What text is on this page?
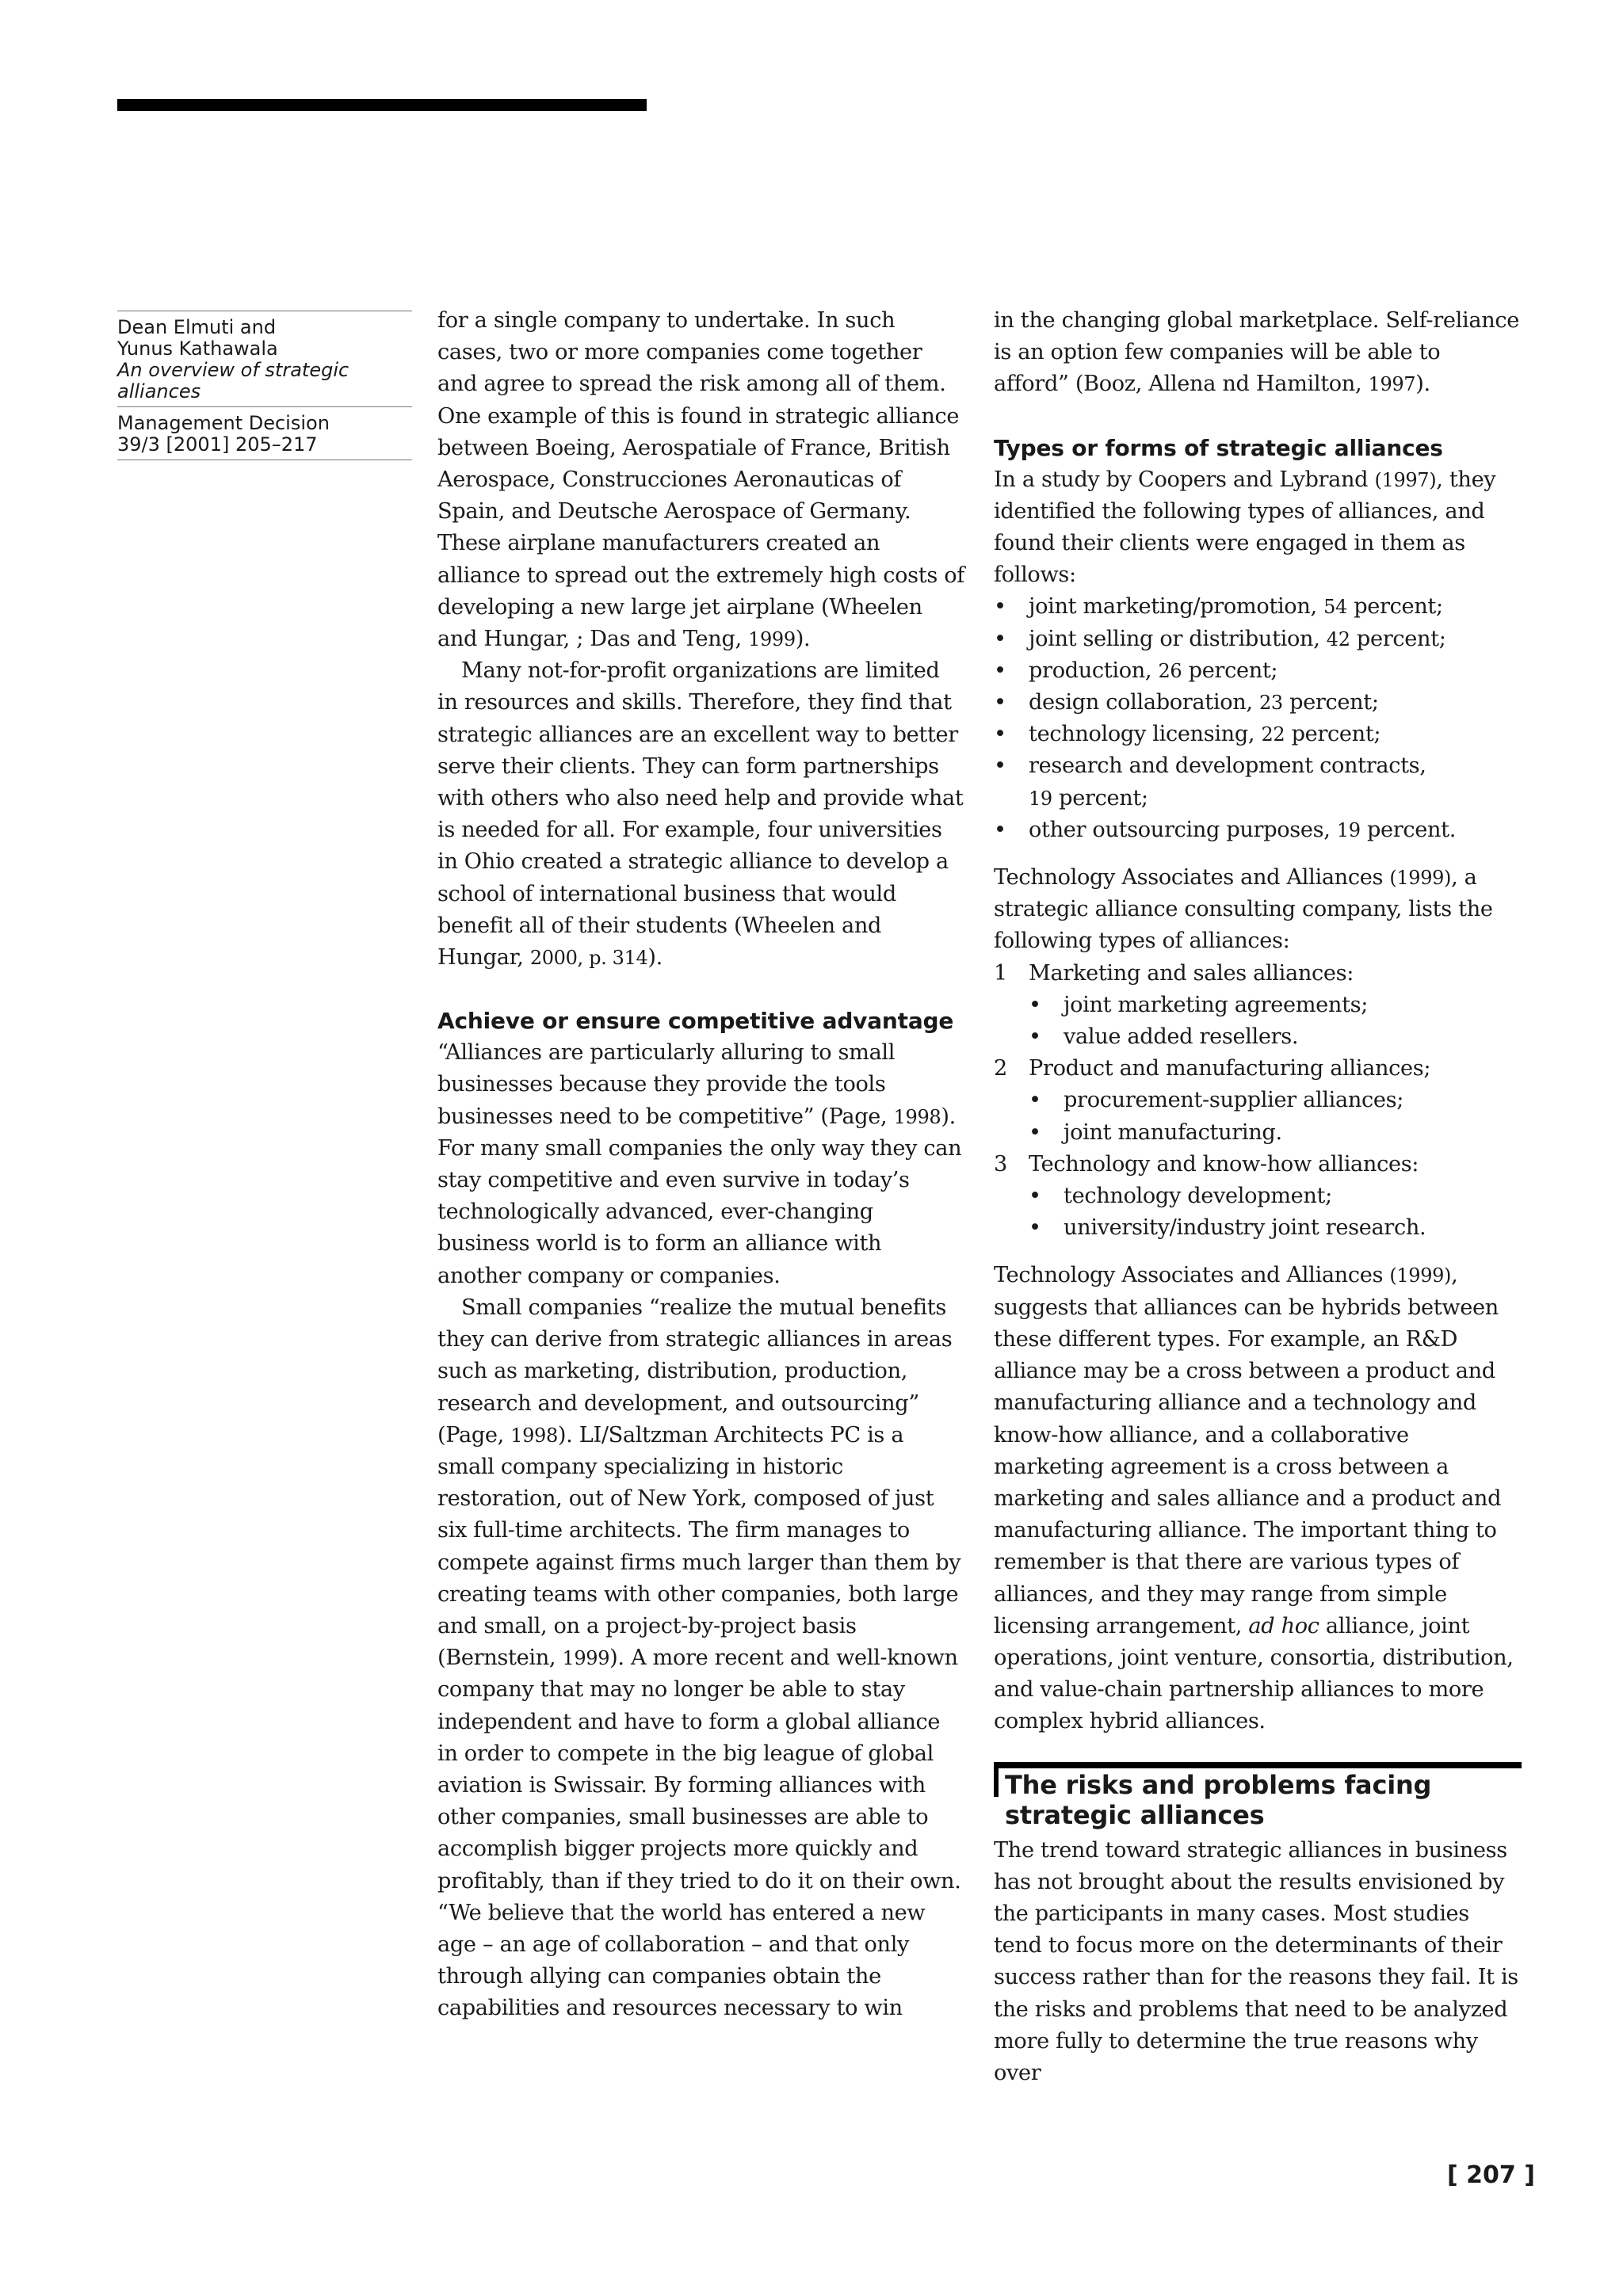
Dean Elmuti and
Yunus Kathawala
An overview of strategic alliances
Management Decision
39/3 [2001] 205–217

for a single company to undertake. In such cases, two or more companies come together and agree to spread the risk among all of them. One example of this is found in strategic alliance between Boeing, Aerospatiale of France, British Aerospace, Construcciones Aeronauticas of Spain, and Deutsche Aerospace of Germany. These airplane manufacturers created an alliance to spread out the extremely high costs of developing a new large jet airplane (Wheelen and Hungar, ; Das and Teng, 1999).

Many not-for-profit organizations are limited in resources and skills. Therefore, they find that strategic alliances are an excellent way to better serve their clients. They can form partnerships with others who also need help and provide what is needed for all. For example, four universities in Ohio created a strategic alliance to develop a school of international business that would benefit all of their students (Wheelen and Hungar, 2000, p. 314).

Achieve or ensure competitive advantage

“Alliances are particularly alluring to small businesses because they provide the tools businesses need to be competitive” (Page, 1998). For many small companies the only way they can stay competitive and even survive in today’s technologically advanced, ever-changing business world is to form an alliance with another company or companies.

Small companies “realize the mutual benefits they can derive from strategic alliances in areas such as marketing, distribution, production, research and development, and outsourcing” (Page, 1998). LI/Saltzman Architects PC is a small company specializing in historic restoration, out of New York, composed of just six full-time architects. The firm manages to compete against firms much larger than them by creating teams with other companies, both large and small, on a project-by-project basis (Bernstein, 1999). A more recent and well-known company that may no longer be able to stay independent and have to form a global alliance in order to compete in the big league of global aviation is Swissair. By forming alliances with other companies, small businesses are able to accomplish bigger projects more quickly and profitably, than if they tried to do it on their own. “We believe that the world has entered a new age – an age of collaboration – and that only through allying can companies obtain the capabilities and resources necessary to win

in the changing global marketplace. Self-reliance is an option few companies will be able to afford” (Booz, Allena nd Hamilton, 1997).

Types or forms of strategic alliances

In a study by Coopers and Lybrand (1997), they identified the following types of alliances, and found their clients were engaged in them as follows:

• joint marketing/promotion, 54 percent;
• joint selling or distribution, 42 percent;
• production, 26 percent;
• design collaboration, 23 percent;
• technology licensing, 22 percent;
• research and development contracts,
19 percent;
• other outsourcing purposes, 19 percent.

Technology Associates and Alliances (1999), a strategic alliance consulting company, lists the following types of alliances:

1 Marketing and sales alliances:
• joint marketing agreements;
• value added resellers.
2 Product and manufacturing alliances;
• procurement-supplier alliances;
• joint manufacturing.
3 Technology and know-how alliances:
• technology development;
• university/industry joint research.

Technology Associates and Alliances (1999), suggests that alliances can be hybrids between these different types. For example, an R&D alliance may be a cross between a product and manufacturing alliance and a technology and know-how alliance, and a collaborative marketing agreement is a cross between a marketing and sales alliance and a product and manufacturing alliance. The important thing to remember is that there are various types of alliances, and they may range from simple licensing arrangement, ad hoc alliance, joint operations, joint venture, consortia, distribution, and value-chain partnership alliances to more complex hybrid alliances.

The risks and problems facing strategic alliances

The trend toward strategic alliances in business has not brought about the results envisioned by the participants in many cases. Most studies tend to focus more on the determinants of their success rather than for the reasons they fail. It is the risks and problems that need to be analyzed more fully to determine the true reasons why over

[ 207 ]
